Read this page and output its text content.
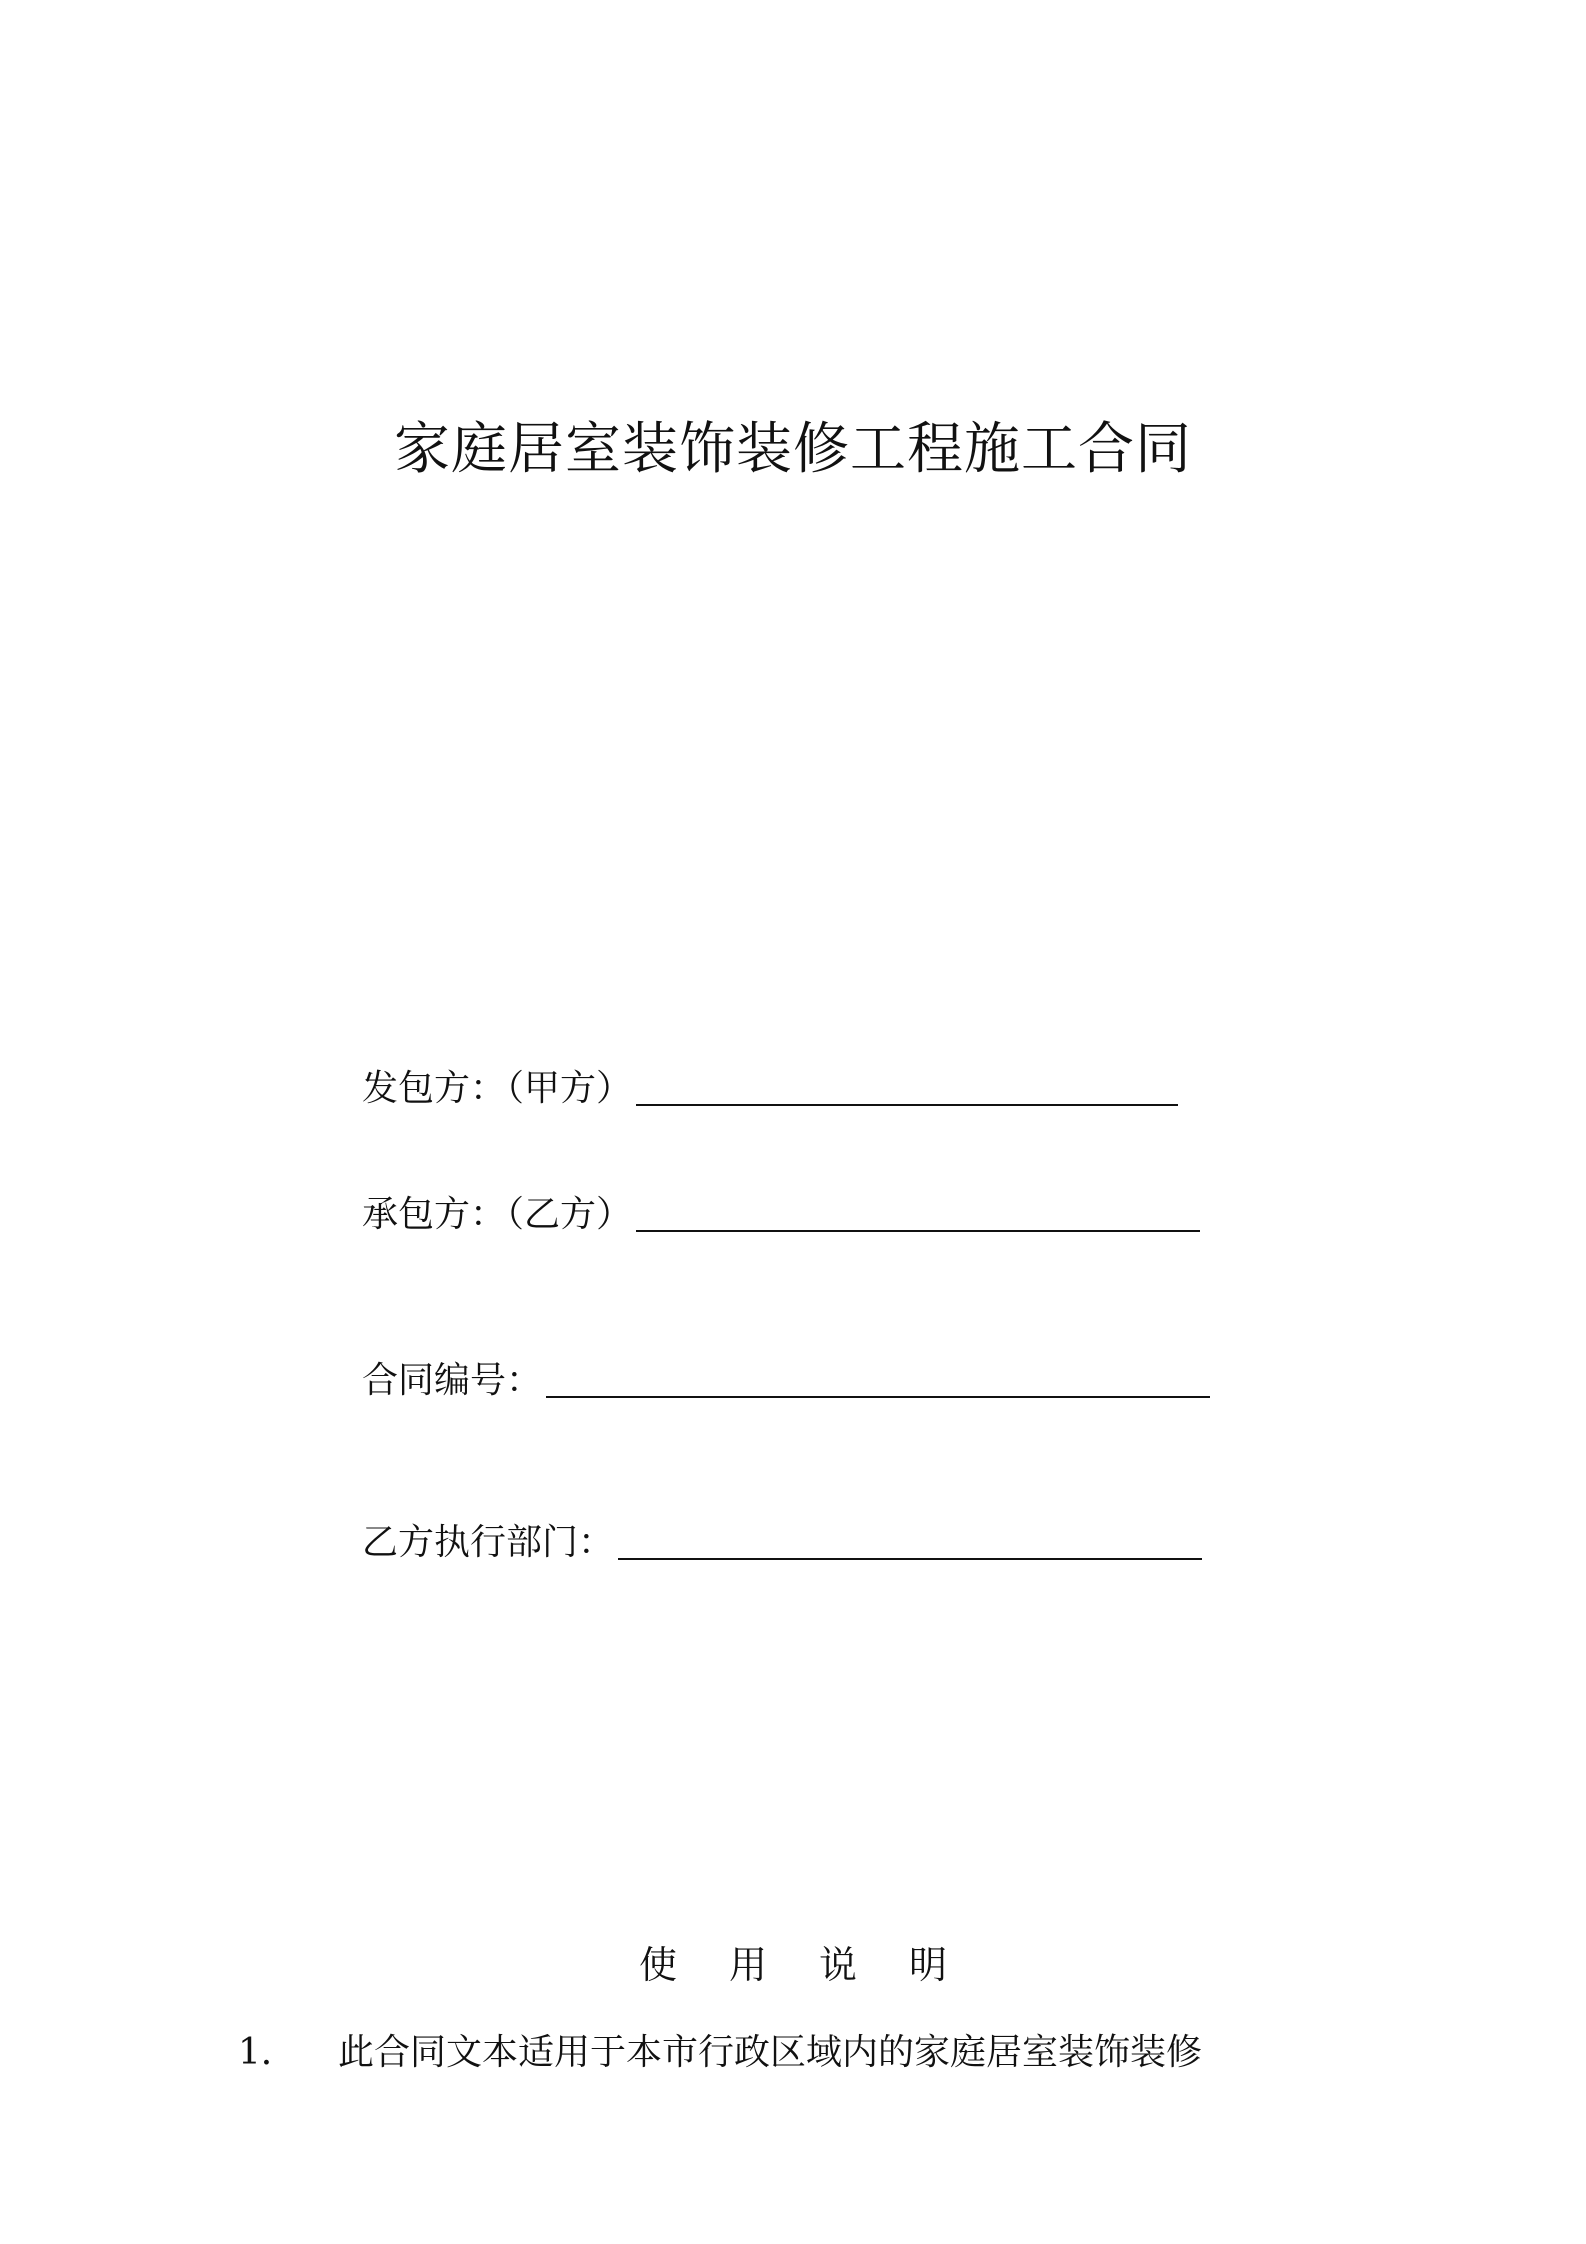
家庭居室装饰装修工程施工合同
发包方：（甲方）
承包方：（乙方）
合同编号：
乙方执行部门：
使用说明
1． 此合同文本适用于本市行政区域内的家庭居室装饰装修
